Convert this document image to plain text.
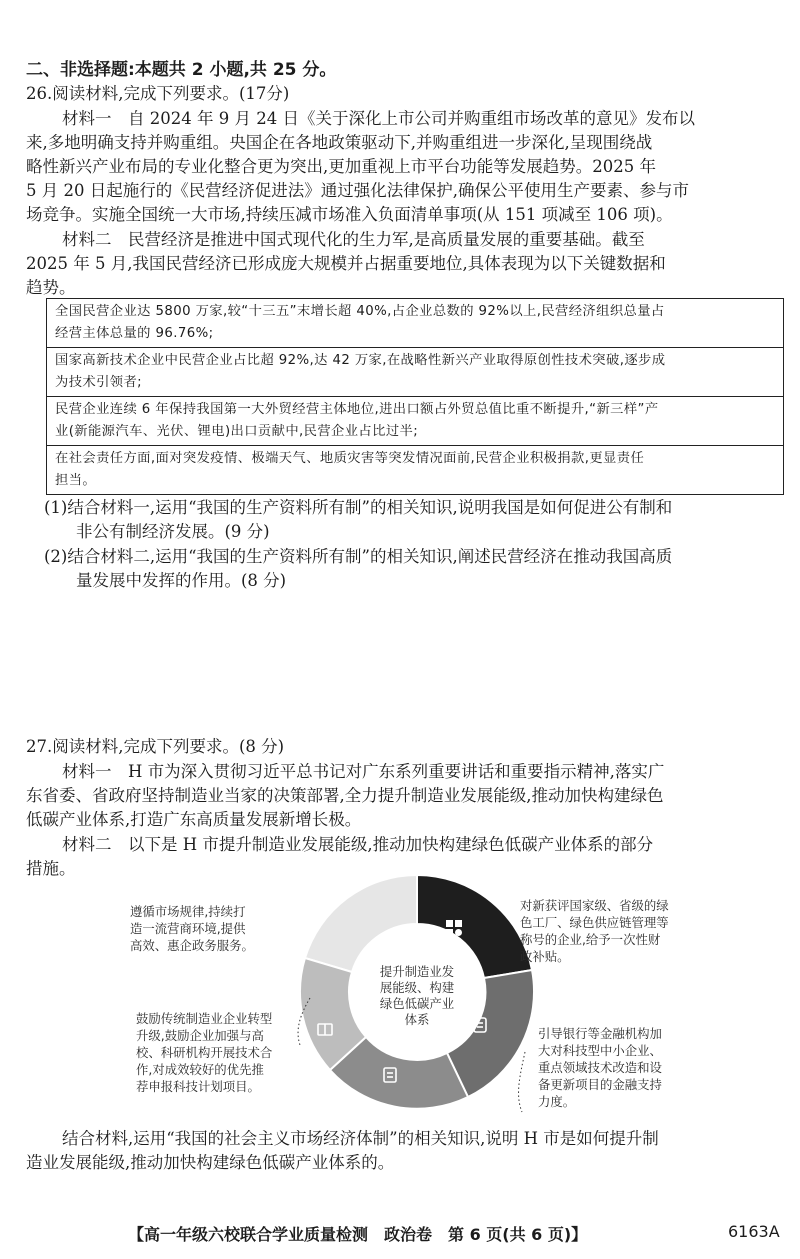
二、非选择题:本题共 2 小题,共 25 分。
26.阅读材料,完成下列要求。(17分)
材料一　自 2024 年 9 月 24 日《关于深化上市公司并购重组市场改革的意见》发布以
来,多地明确支持并购重组。央国企在各地政策驱动下,并购重组进一步深化,呈现围绕战
略性新兴产业布局的专业化整合更为突出,更加重视上市平台功能等发展趋势。2025 年
5 月 20 日起施行的《民营经济促进法》通过强化法律保护,确保公平使用生产要素、参与市
场竞争。实施全国统一大市场,持续压减市场准入负面清单事项(从 151 项减至 106 项)。
材料二　民营经济是推进中国式现代化的生力军,是高质量发展的重要基础。截至
2025 年 5 月,我国民营经济已形成庞大规模并占据重要地位,具体表现为以下关键数据和
趋势。
全国民营企业达 5800 万家,较“十三五”末增长超 40%,占企业总数的 92%以上,民营经济组织总量占
经营主体总量的 96.76%;
国家高新技术企业中民营企业占比超 92%,达 42 万家,在战略性新兴产业取得原创性技术突破,逐步成
为技术引领者;
民营企业连续 6 年保持我国第一大外贸经营主体地位,进出口额占外贸总值比重不断提升,“新三样”产
业(新能源汽车、光伏、锂电)出口贡献中,民营企业占比过半;
在社会责任方面,面对突发疫情、极端天气、地质灾害等突发情况面前,民营企业积极捐款,更显责任
担当。
(1)结合材料一,运用“我国的生产资料所有制”的相关知识,说明我国是如何促进公有制和
非公有制经济发展。(9 分)
(2)结合材料二,运用“我国的生产资料所有制”的相关知识,阐述民营经济在推动我国高质
量发展中发挥的作用。(8 分)
27.阅读材料,完成下列要求。(8 分)
材料一　H 市为深入贯彻习近平总书记对广东系列重要讲话和重要指示精神,落实广
东省委、省政府坚持制造业当家的决策部署,全力提升制造业发展能级,推动加快构建绿色
低碳产业体系,打造广东高质量发展新增长极。
材料二　以下是 H 市提升制造业发展能级,推动加快构建绿色低碳产业体系的部分
措施。
提升制造业发
展能级、构建
绿色低碳产业
体系
遵循市场规律,持续打
造一流营商环境,提供
高效、惠企政务服务。
对新获评国家级、省级的绿
色工厂、绿色供应链管理等
称号的企业,给予一次性财
政补贴。
鼓励传统制造业企业转型
升级,鼓励企业加强与高
校、科研机构开展技术合
作,对成效较好的优先推
荐申报科技计划项目。
引导银行等金融机构加
大对科技型中小企业、
重点领域技术改造和设
备更新项目的金融支持
力度。
结合材料,运用“我国的社会主义市场经济体制”的相关知识,说明 H 市是如何提升制
造业发展能级,推动加快构建绿色低碳产业体系的。
【高一年级六校联合学业质量检测　政治卷　第 6 页(共 6 页)】	6163A
